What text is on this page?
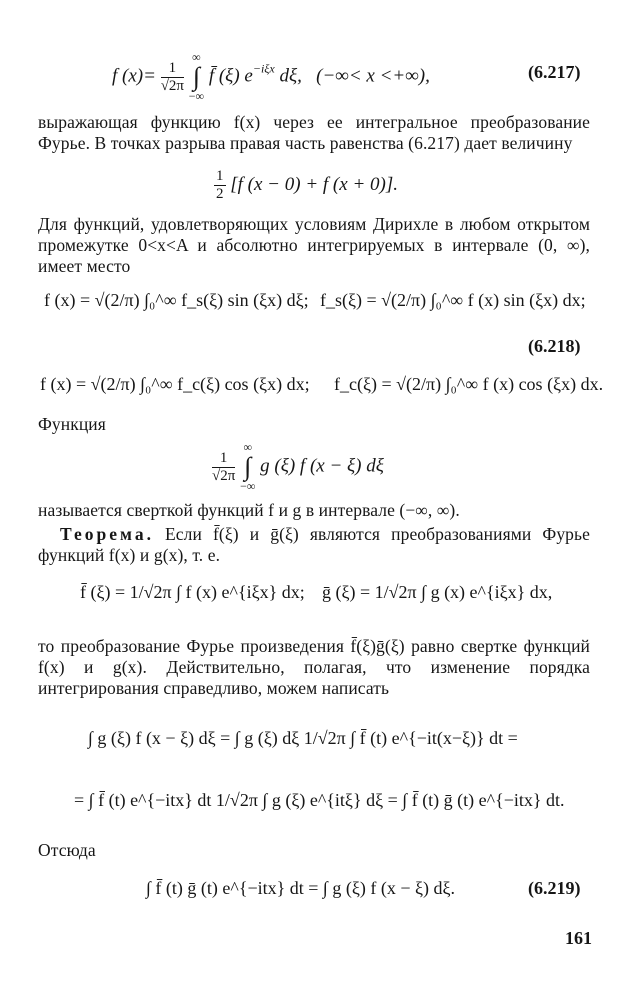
f $(x)= \frac{1}{√2\pi}$

∞
∫
−∞
f̄ (ξ) $e^{-i\xi x}$ dξ, (−∞< x <+∞),	(6.217)
выражающая функцию f(x) через ее интегральное преобразование Фурье. В точках разрыва правая часть равенства (6.217) дает величину
$\frac{1}{2} [f$ (x − 0) + f (x + 0)].
Для функций, удовлетворяющих условиям Дирихле в любом открытом промежутке 0<x<A и абсолютно интегрируемых в интервале (0, ∞), имеет место
f (x) = √(2/π) ∫₀^∞ f_s(ξ) sin (ξx) dξ; f_s(ξ) = √(2/π) ∫₀^∞ f (x) sin (ξx) dx;
(6.218)
f (x) = √(2/π) ∫₀^∞ f_c(ξ) cos (ξx) dx; f_c(ξ) = √(2/π) ∫₀^∞ f (x) cos (ξx) dx.
Функция
$\frac{1}{√2\pi}$

∞
∫
−∞
g (ξ) f (x − ξ) dξ
называется сверткой функций f и g в интервале (−∞, ∞).
Теорема. Если f̄(ξ) и ḡ(ξ) являются преобразованиями Фурье функций f(x) и g(x), т. е.
f̄ (ξ) = 1/√2π ∫ f (x) e^{iξx} dx; ḡ (ξ) = 1/√2π ∫ g (x) e^{iξx} dx,
то преобразование Фурье произведения f̄(ξ)ḡ(ξ) равно свертке функций f(x) и g(x). Действительно, полагая, что изменение порядка интегрирования справедливо, можем написать
∫ g (ξ) f (x − ξ) dξ = ∫ g (ξ) dξ 1/√2π ∫ f̄ (t) e^{−it(x−ξ)} dt =
= ∫ f̄ (t) e^{−itx} dt 1/√2π ∫ g (ξ) e^{itξ} dξ = ∫ f̄ (t) ḡ (t) e^{−itx} dt.
Отсюда
∫ f̄ (t) ḡ (t) e^{−itx} dt = ∫ g (ξ) f (x − ξ) dξ.	(6.219)
161
